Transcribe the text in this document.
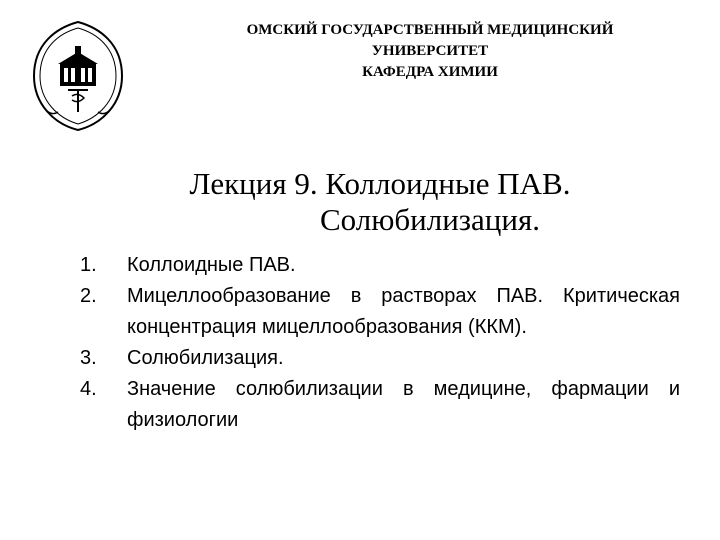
ОМСКИЙ ГОСУДАРСТВЕННЫЙ МЕДИЦИНСКИЙ
УНИВЕРСИТЕТ
КАФЕДРА ХИМИИ
Лекция 9. Коллоидные ПАВ.
Солюбилизация.
1.	Коллоидные ПАВ.
2.	Мицеллообразование в растворах ПАВ. Критическая концентрация мицеллообразования (ККМ).
3.	Солюбилизация.
4.	Значение солюбилизации в медицине, фармации и физиологии
